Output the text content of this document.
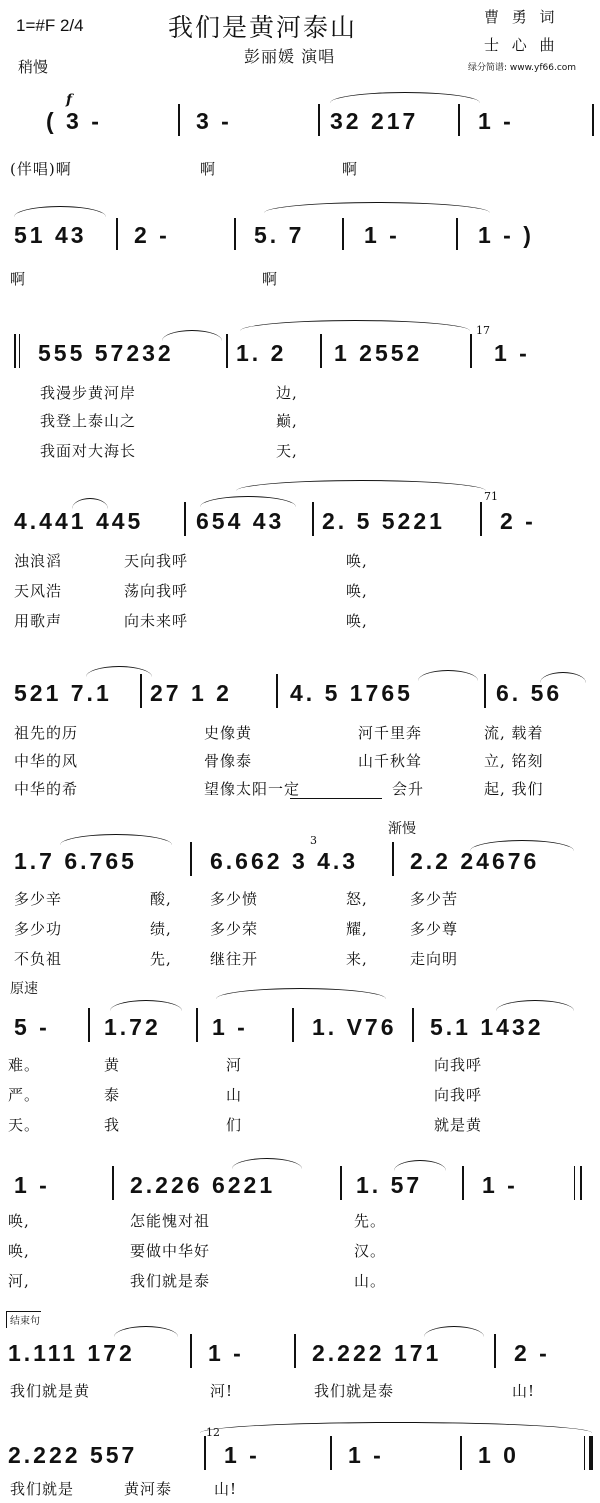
1=#F 2/4	我们是黄河泰山	曹 勇 词
士 心 曲
彭丽媛 演唱
稍慢	绿分简谱: www.yf66.com
f
( 3 -	3 -	32 217	1 -
(伴唱)啊	啊	啊
51 43 2 -	5. 7	1 -	1 - )
啊	啊
555 57232	1. 2 1 2552
17
1 -
我漫步黄河岸	边,
我登上泰山之	巅,
我面对大海长	天,
4.441 445 654 43 2. 5 5221
71
2 -
浊浪滔	天向我呼	唤,
天风浩	荡向我呼	唤,
用歌声	向未来呼	唤,
521 7.1 27 1 2	4. 5 1765	6. 56
祖先的历	史像黄	河千里奔	流, 载着
中华的风	骨像泰	山千秋耸	立, 铭刻
中华的希	望像太阳一定	会升	起, 我们
渐慢
1.7 6.765
3
6.662 3 4.3 2.2 24676
多少辛	酸,	多少愤	怒,	多少苦
多少功	绩,	多少荣	耀,	多少尊
不负祖	先,	继往开	来,	走向明
原速
5 - 1.72 1 -	1. V76 5.1 1432
难。	黄	河	向我呼
严。	泰	山	向我呼
天。	我	们	就是黄
1 -	2.226 6221	1. 57	1 -
唤,	怎能愧对祖	先。
唤,	要做中华好	汉。
河,	我们就是泰	山。
结束句
1.111 172	1 -	2.222 171	2 -
我们就是黄	河!	我们就是泰	山!
12
2.222 557	1 -	1 -	1 0
我们就是	黄河泰	山!
